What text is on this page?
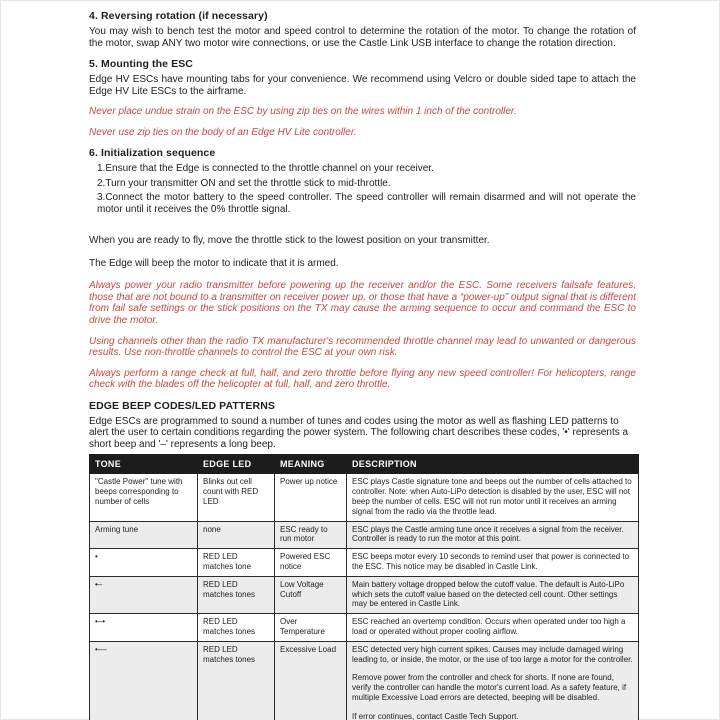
4. Reversing rotation (if necessary)

You may wish to bench test the motor and speed control to determine the rotation of the motor. To change the rotation of the motor, swap ANY two motor wire connections, or use the Castle Link USB interface to change the rotation direction.

5. Mounting the ESC

Edge HV ESCs have mounting tabs for your convenience. We recommend using Velcro or double sided tape to attach the Edge HV Lite ESCs to the airframe.

Never place undue strain on the ESC by using zip ties on the wires within 1 inch of the controller.

Never use zip ties on the body of an Edge HV Lite controller.

6. Initialization sequence

1.Ensure that the Edge is connected to the throttle channel on your receiver.

2.Turn your transmitter ON and set the throttle stick to mid-throttle.

3.Connect the motor battery to the speed controller. The speed controller will remain disarmed and will not operate the motor until it receives the 0% throttle signal.

When you are ready to fly, move the throttle stick to the lowest position on your transmitter.

The Edge will beep the motor to indicate that it is armed.

Always power your radio transmitter before powering up the receiver and/or the ESC. Some receivers failsafe features, those that are not bound to a transmitter on receiver power up, or those that have a “power-up” output signal that is different from fail safe settings or the stick positions on the TX may cause the arming sequence to occur and command the ESC to drive the motor.

Using channels other than the radio TX manufacturer's recommended throttle channel may lead to unwanted or dangerous results. Use non-throttle channels to control the ESC at your own risk.

Always perform a range check at full, half, and zero throttle before flying any new speed controller! For helicopters, range check with the blades off the helicopter at full, half, and zero throttle.

EDGE BEEP CODES/LED PATTERNS

Edge ESCs are programmed to sound a number of tunes and codes using the motor as well as flashing LED patterns to alert the user to certain conditions regarding the power system. The following chart describes these codes, '•' represents a short beep and '–' represents a long beep.

TONE	EDGE LED	MEANING	DESCRIPTION
"Castle Power" tune with beeps corresponding to number of cells	Blinks out cell count with RED LED	Power up notice	ESC plays Castle signature tone and beeps out the number of cells attached to controller. Note: when Auto-LiPo detection is disabled by the user, ESC will not beep the number of cells. ESC will not run motor until it receives an arming signal from the radio via the throttle lead.

Arming tune	none	ESC ready to run motor	ESC plays the Castle arming tune once it receives a signal from the receiver. Controller is ready to run the motor at this point.

•	RED LED matches tone	Powered ESC notice	ESC beeps motor every 10 seconds to remind user that power is connected to the ESC. This notice may be disabled in Castle Link.

•–	RED LED matches tones	Low Voltage Cutoff	Main battery voltage dropped below the cutoff value. The default is Auto-LiPo which sets the cutoff value based on the detected cell count. Other settings may be entered in Castle Link.

•–•	RED LED matches tones	Over Temperature	ESC reached an overtemp condition. Occurs when operated under too high a load or operated without proper cooling airflow.

•––	RED LED matches tones	Excessive Load	ESC detected very high current spikes. Causes may include damaged wiring leading to, or inside, the motor, or the use of too large a motor for the controller.

Remove power from the controller and check for shorts. If none are found, verify the controller can handle the motor's current load. As a safety feature, if multiple Excessive Load errors are detected, beeping will be disabled.

If error continues, contact Castle Tech Support.
